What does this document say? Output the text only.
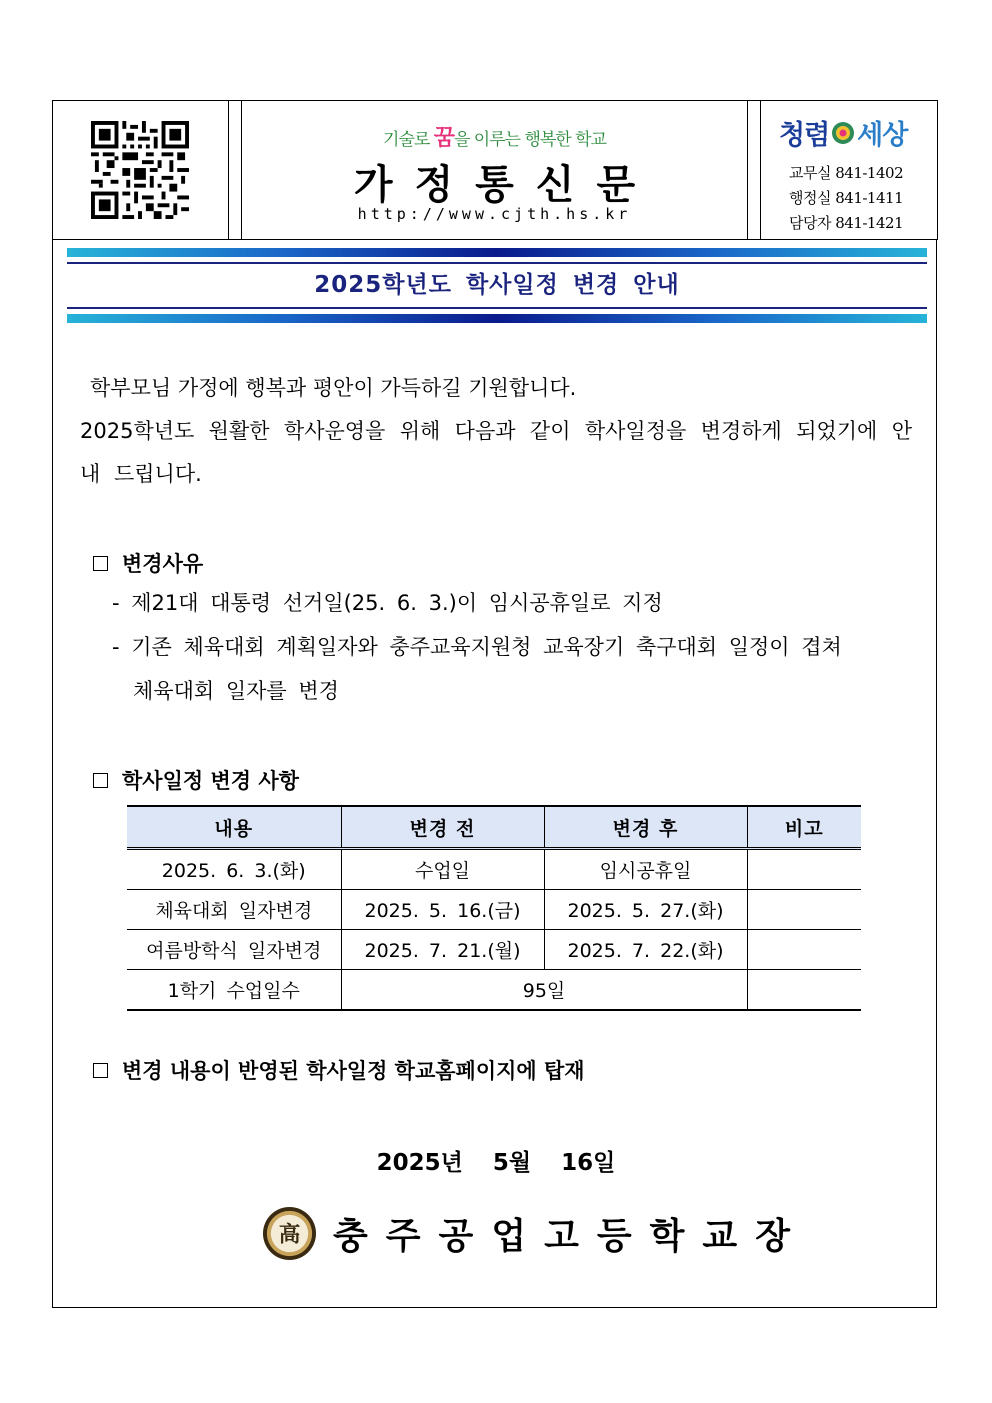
기술로 꿈을 이루는 행복한 학교
가정통신문
http://www.cjth.hs.kr
청렴 세상
교무실 841-1402
행정실 841-1411
담당자 841-1421
2025학년도 학사일정 변경 안내
학부모님 가정에 행복과 평안이 가득하길 기원합니다.
2025학년도 원활한 학사운영을 위해 다음과 같이 학사일정을 변경하게 되었기에 안내 드립니다.
변경사유
- 제21대 대통령 선거일(25. 6. 3.)이 임시공휴일로 지정
- 기존 체육대회 계획일자와 충주교육지원청 교육장기 축구대회 일정이 겹쳐
체육대회 일자를 변경
학사일정 변경 사항
내용	변경 전	변경 후	비고
2025. 6. 3.(화)	수업일	임시공휴일	
체육대회 일자변경	2025. 5. 16.(금)	2025. 5. 27.(화)	
여름방학식 일자변경	2025. 7. 21.(월)	2025. 7. 22.(화)	
1학기 수업일수	95일		
변경 내용이 반영된 학사일정 학교홈페이지에 탑재
2025년 5월 16일
高 충주공업고등학교장
